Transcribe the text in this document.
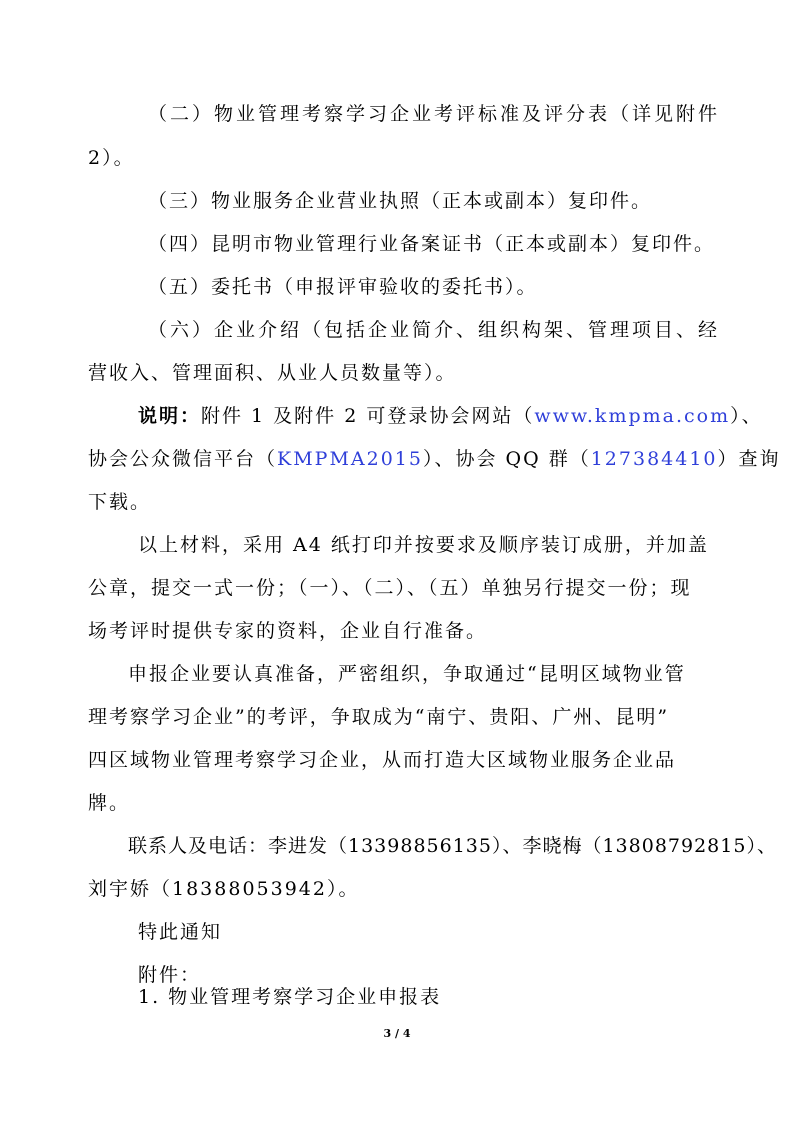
（二）物业管理考察学习企业考评标准及评分表（详见附件
2）。
（三）物业服务企业营业执照（正本或副本）复印件。
（四）昆明市物业管理行业备案证书（正本或副本）复印件。
（五）委托书（申报评审验收的委托书）。
（六）企业介绍（包括企业简介、组织构架、管理项目、经
营收入、管理面积、从业人员数量等）。
说明：附件 1 及附件 2 可登录协会网站（www.kmpma.com）、
协会公众微信平台（KMPMA2015）、协会 QQ 群（127384410）查询
下载。
以上材料，采用 A4 纸打印并按要求及顺序装订成册，并加盖
公章，提交一式一份；（一）、（二）、（五）单独另行提交一份；现
场考评时提供专家的资料，企业自行准备。
申报企业要认真准备，严密组织，争取通过“昆明区域物业管
理考察学习企业”的考评，争取成为“南宁、贵阳、广州、昆明”
四区域物业管理考察学习企业，从而打造大区域物业服务企业品
牌。
联系人及电话：李进发（13398856135）、李晓梅（13808792815）、
刘宇娇（18388053942）。
特此通知
附件：
1. 物业管理考察学习企业申报表
3 / 4
